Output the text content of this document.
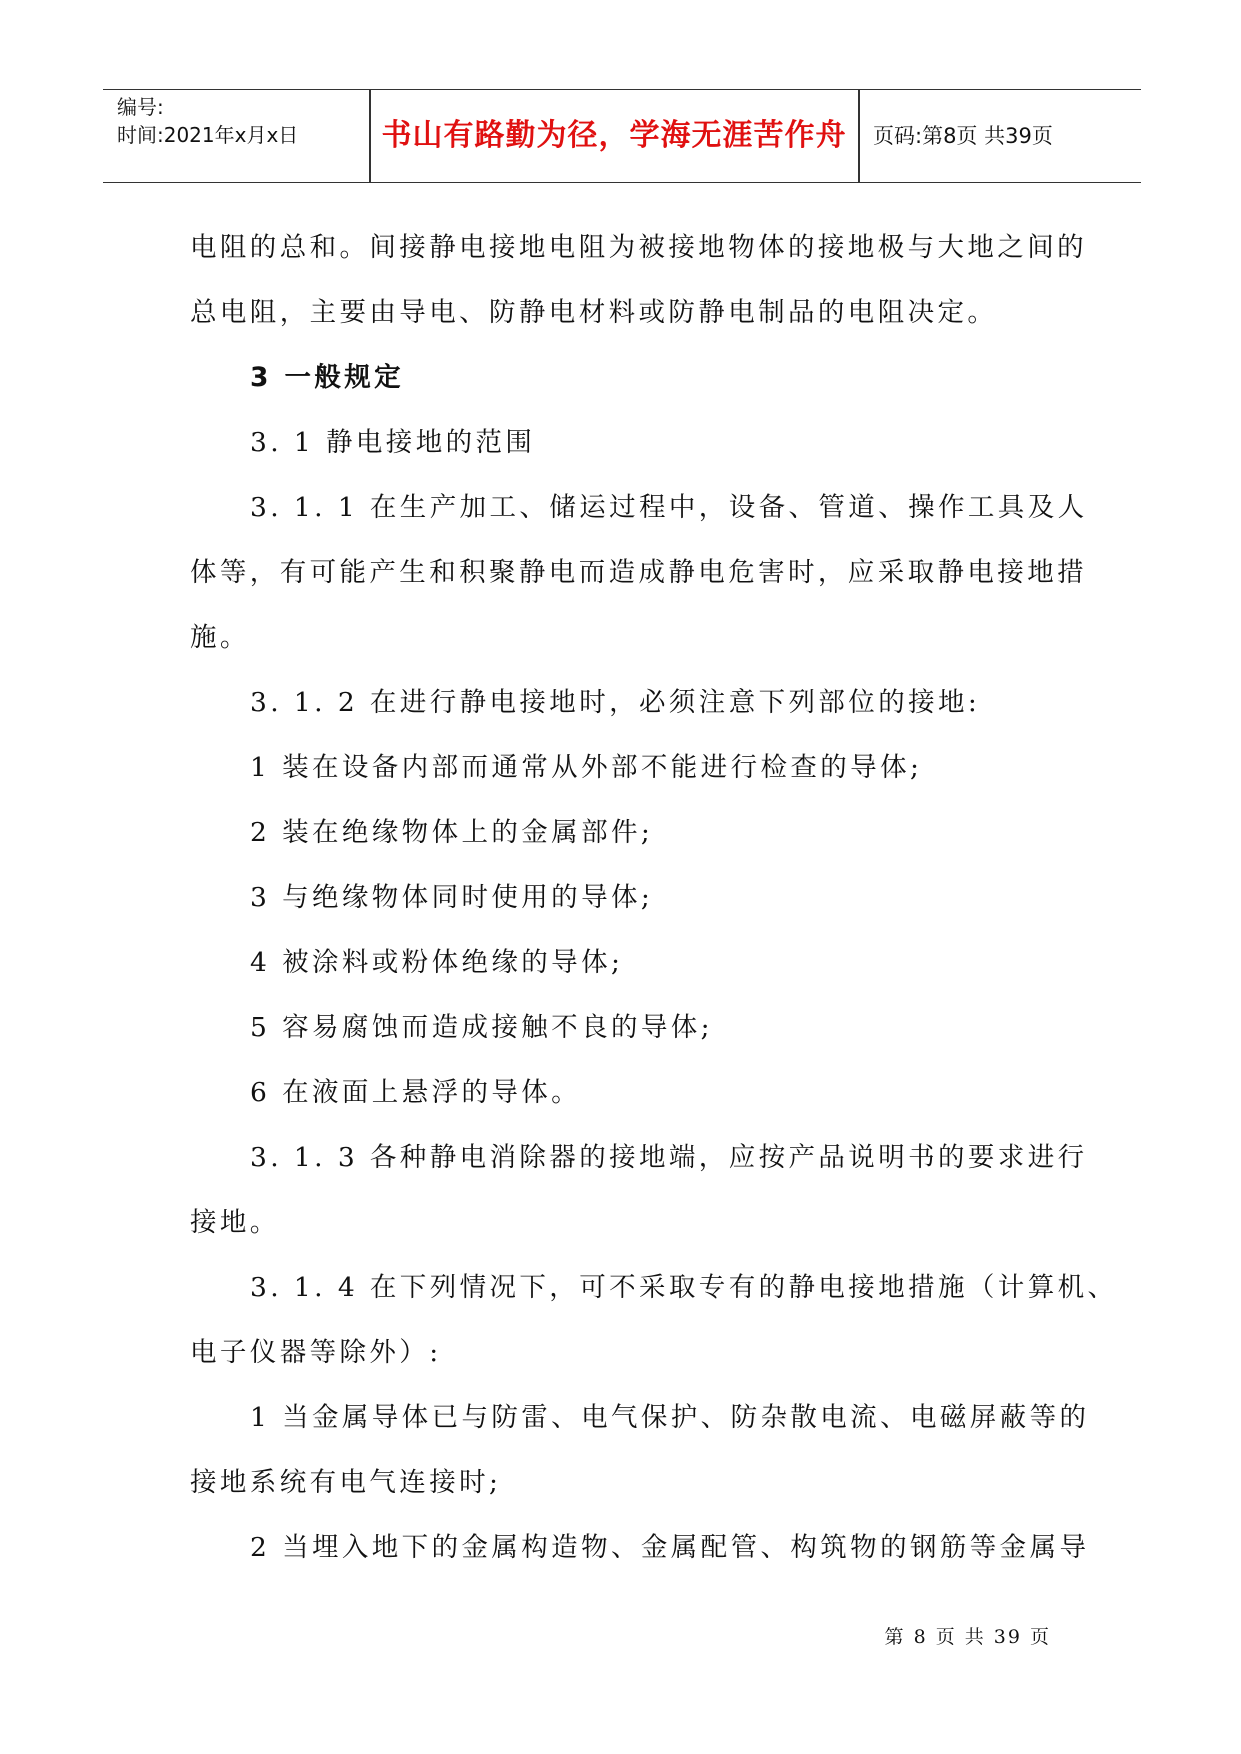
编号:
时间:2021年x月x日	书山有路勤为径，学海无涯苦作舟	页码:第8页 共39页

电阻的总和。间接静电接地电阻为被接地物体的接地极与大地之间的

总电阻，主要由导电、防静电材料或防静电制品的电阻决定。

3 一般规定

3. 1 静电接地的范围

3. 1. 1 在生产加工、储运过程中，设备、管道、操作工具及人

体等，有可能产生和积聚静电而造成静电危害时，应采取静电接地措

施。

3. 1. 2 在进行静电接地时，必须注意下列部位的接地:

1 装在设备内部而通常从外部不能进行检查的导体;

2 装在绝缘物体上的金属部件;

3 与绝缘物体同时使用的导体;

4 被涂料或粉体绝缘的导体;

5 容易腐蚀而造成接触不良的导体;

6 在液面上悬浮的导体。

3. 1. 3 各种静电消除器的接地端，应按产品说明书的要求进行

接地。

3. 1. 4 在下列情况下，可不采取专有的静电接地措施（计算机、

电子仪器等除外）:

1 当金属导体已与防雷、电气保护、防杂散电流、电磁屏蔽等的

接地系统有电气连接时;

2 当埋入地下的金属构造物、金属配管、构筑物的钢筋等金属导

第 8 页 共 39 页
